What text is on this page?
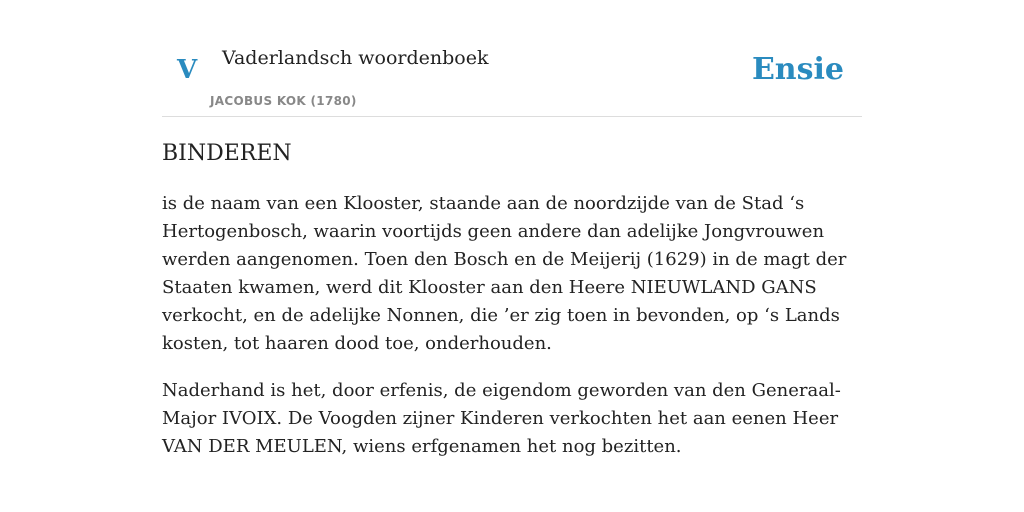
V Vaderlandsch woordenboek
JACOBUS KOK (1780)
Ensie
BINDEREN

is de naam van een Klooster, staande aan de noordzijde van de Stad ‘s Hertogenbosch, waarin voortijds geen andere dan adelijke Jongvrouwen werden aangenomen. Toen den Bosch en de Meijerij (1629) in de magt der Staaten kwamen, werd dit Klooster aan den Heere NIEUWLAND GANS verkocht, en de adelijke Nonnen, die ’er zig toen in bevonden, op ‘s Lands kosten, tot haaren dood toe, onderhouden.

Naderhand is het, door erfenis, de eigendom geworden van den Generaal-Major IVOIX. De Voogden zijner Kinderen verkochten het aan eenen Heer VAN DER MEULEN, wiens erfgenamen het nog bezitten.
